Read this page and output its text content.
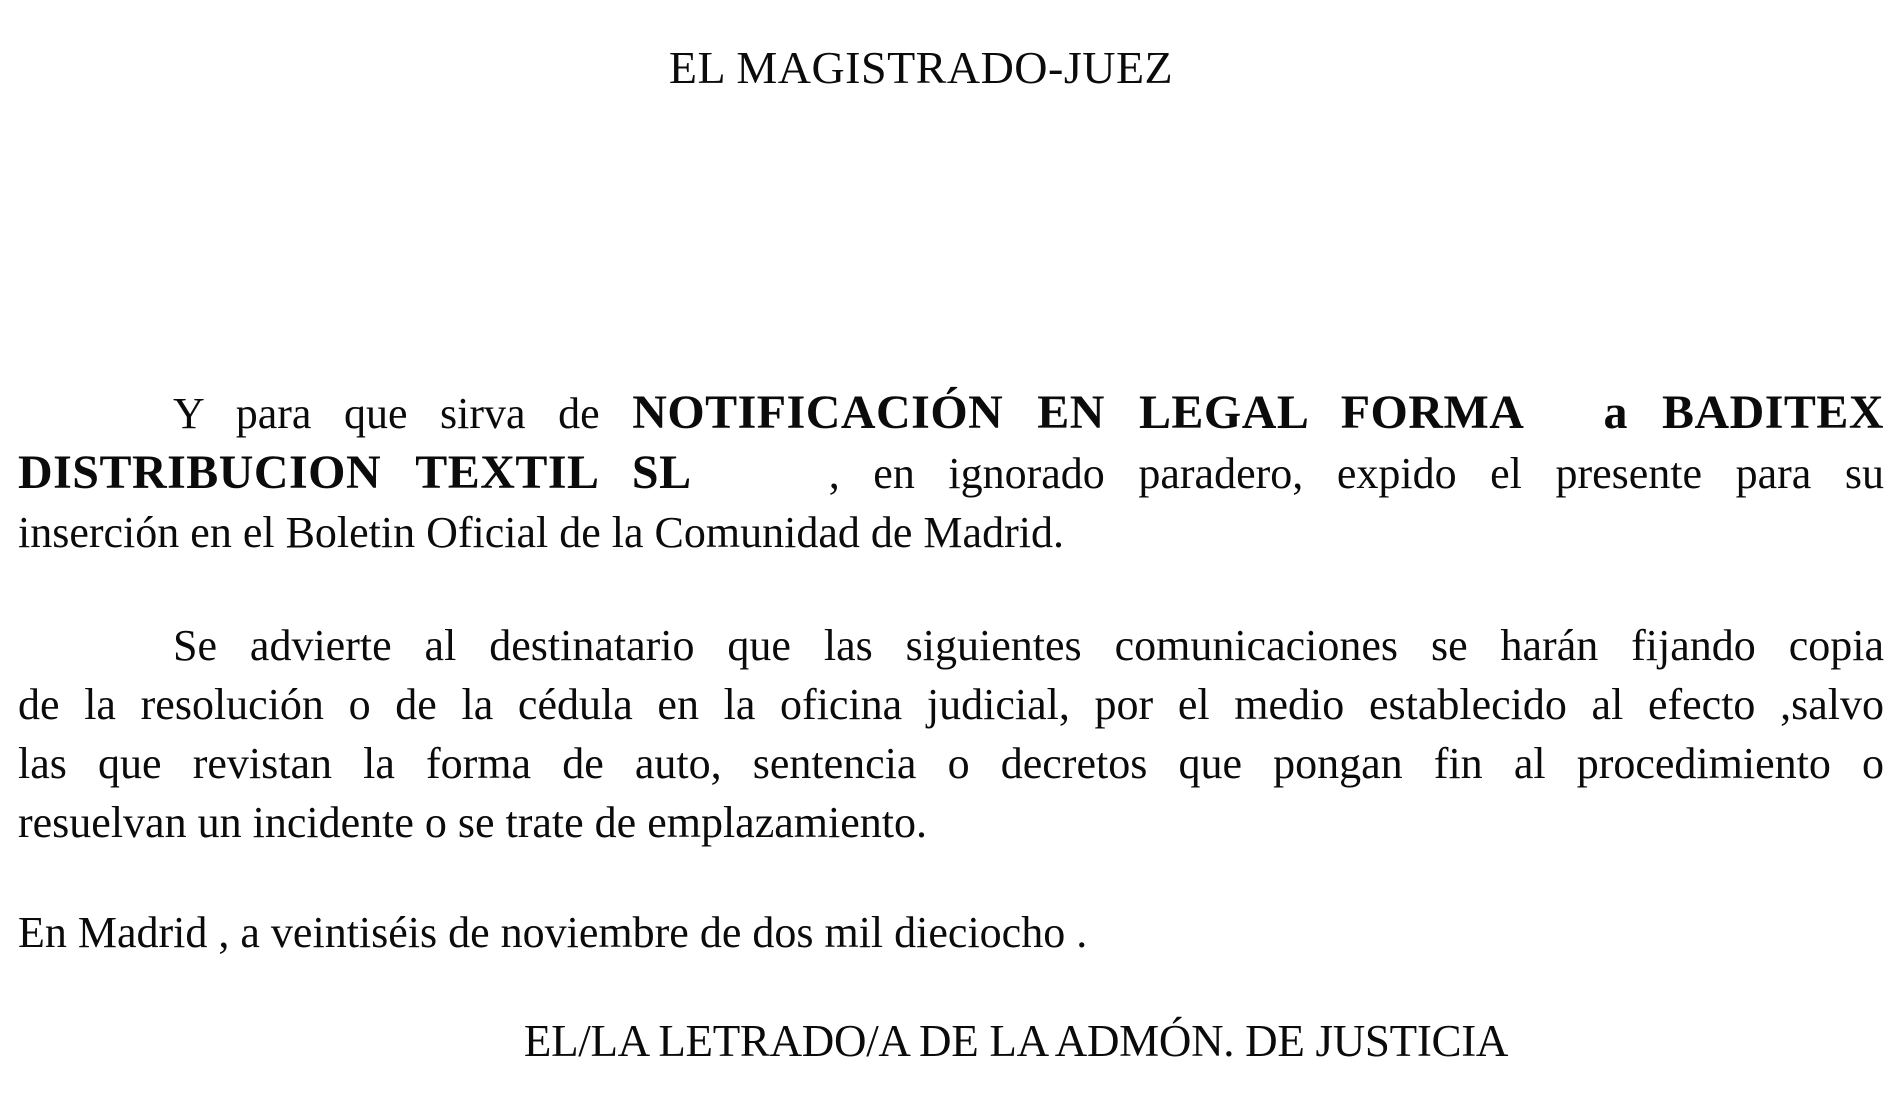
EL MAGISTRADO-JUEZ
Y para que sirva de NOTIFICACIÓN EN LEGAL FORMA a BADITEX
DISTRIBUCION TEXTIL SL	, en ignorado paradero, expido el presente para su
inserción en el Boletin Oficial de la Comunidad de Madrid.
Se advierte al destinatario que las siguientes comunicaciones se harán fijando copia
de la resolución o de la cédula en la oficina judicial, por el medio establecido al efecto ,salvo
las que revistan la forma de auto, sentencia o decretos que pongan fin al procedimiento o
resuelvan un incidente o se trate de emplazamiento.
En Madrid , a veintiséis de noviembre de dos mil dieciocho .
EL/LA LETRADO/A DE LA ADMÓN. DE JUSTICIA
